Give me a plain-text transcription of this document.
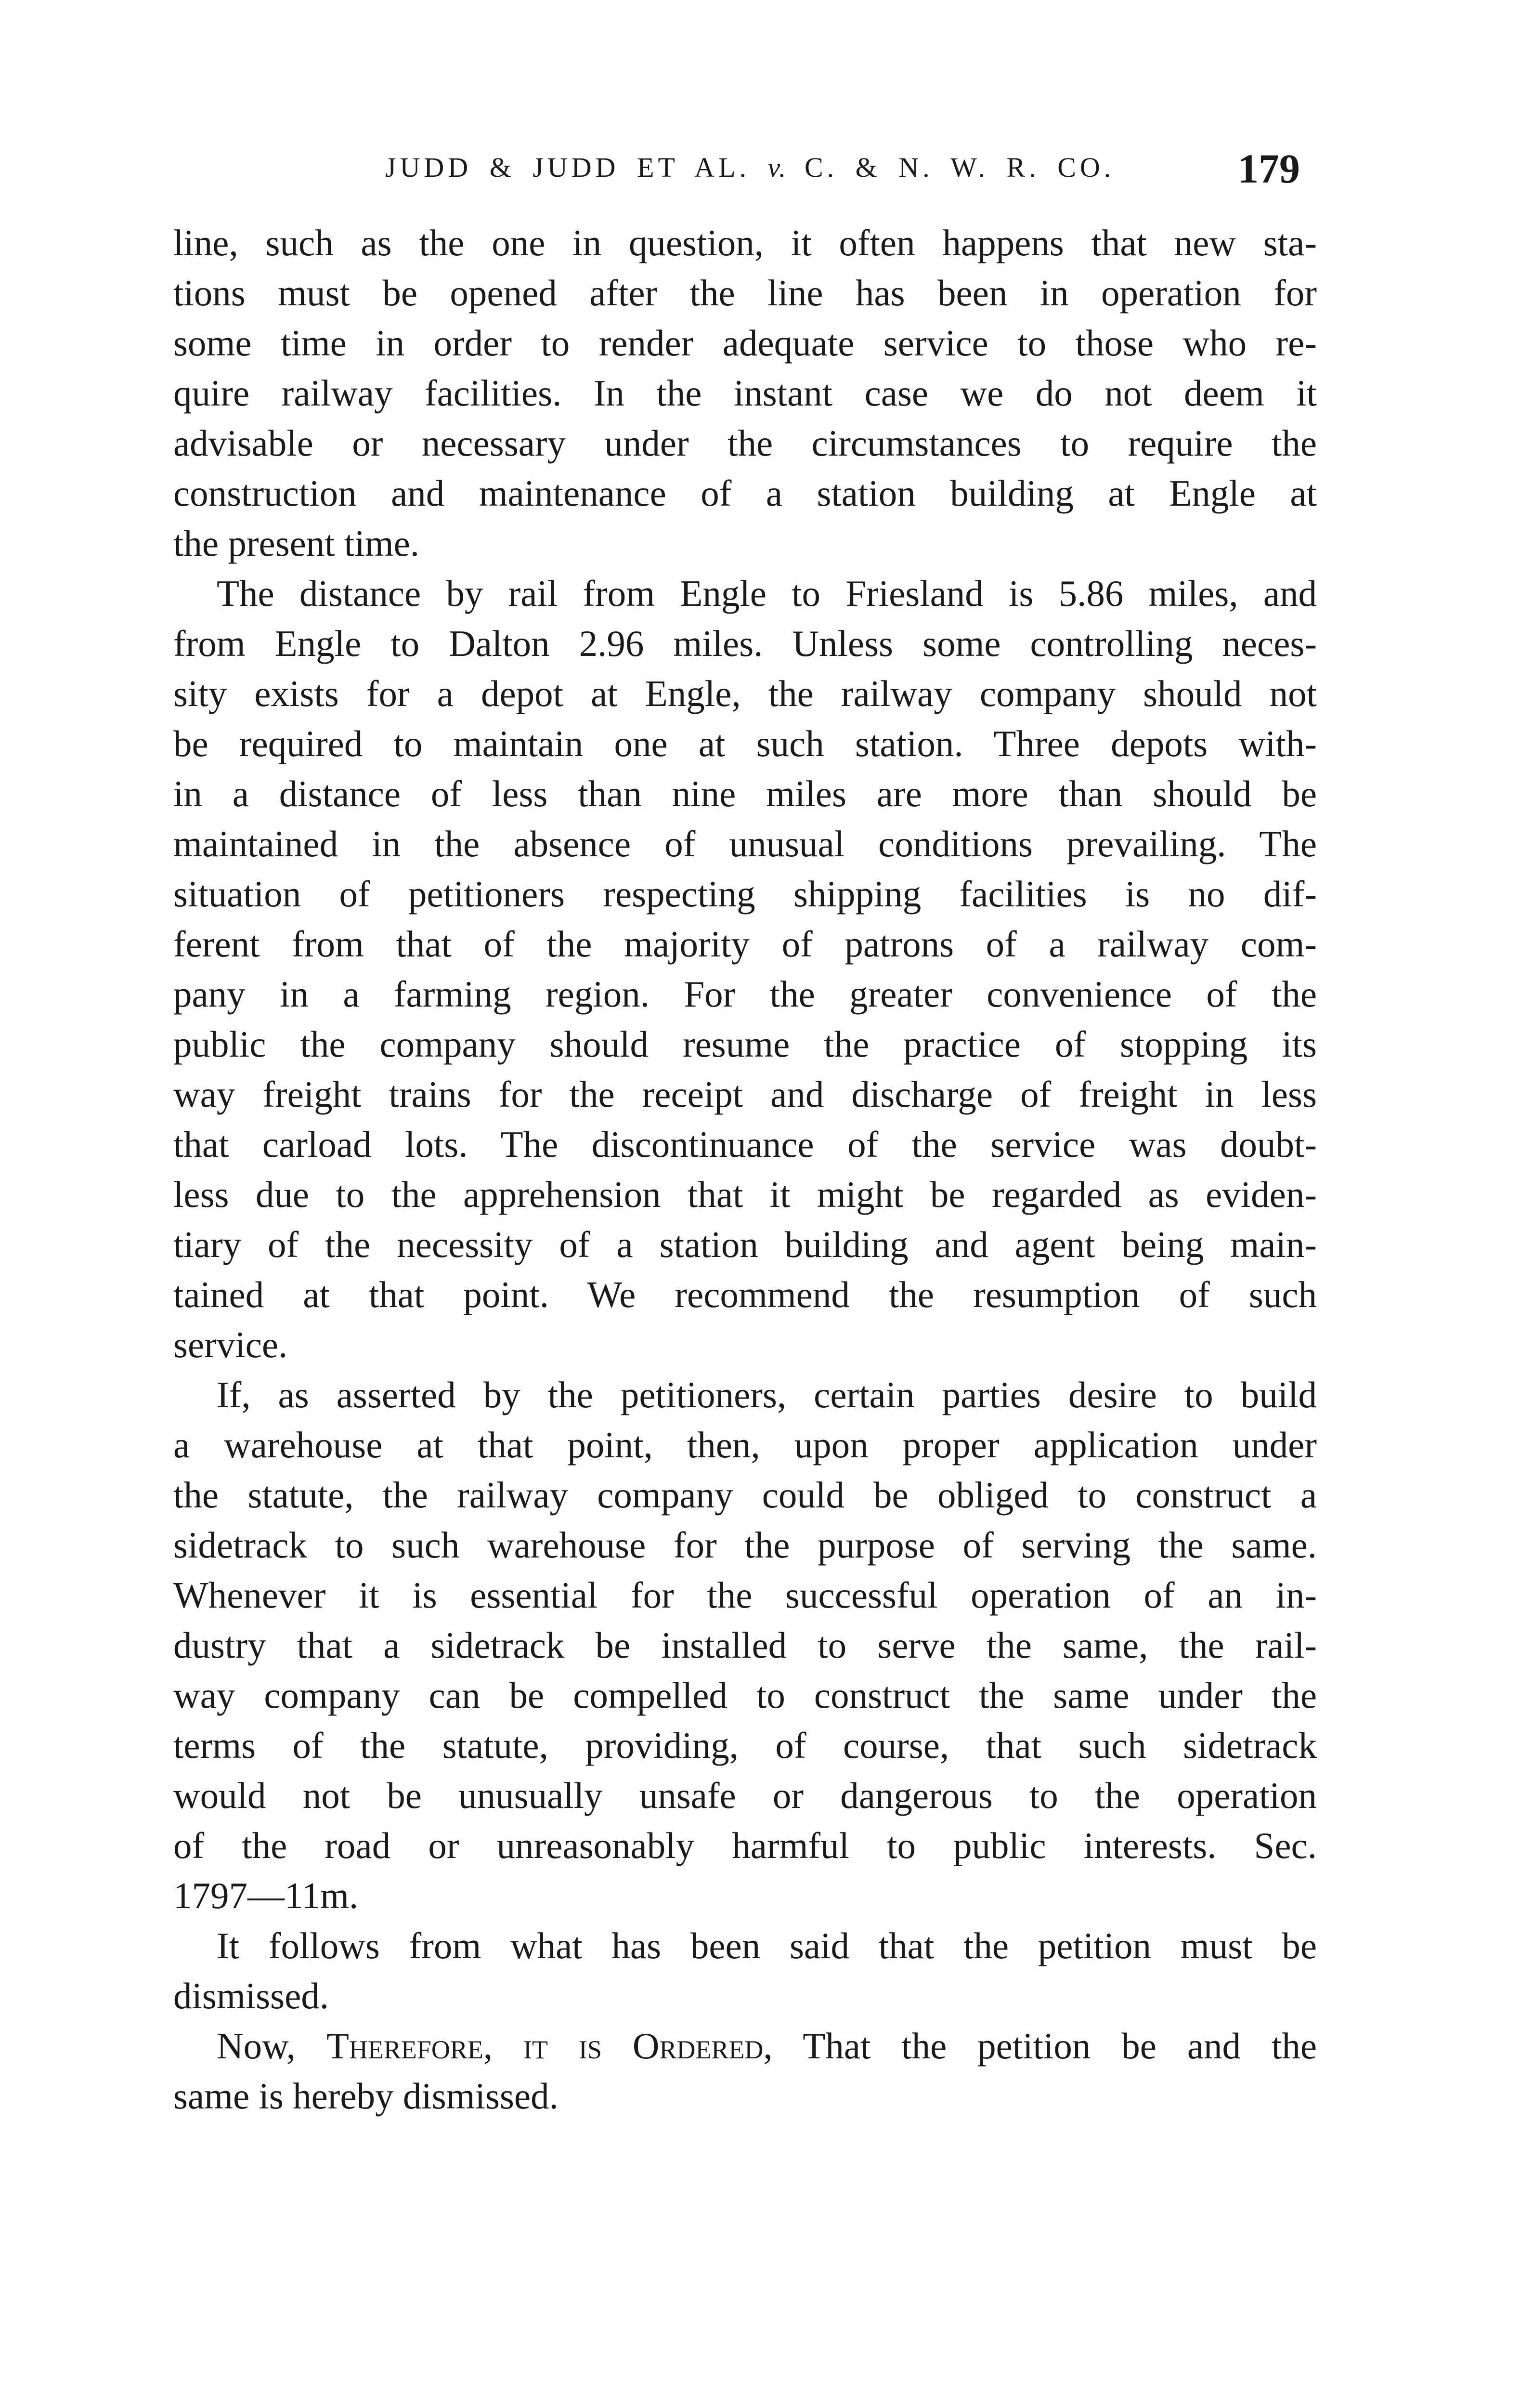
JUDD & JUDD ET AL. v. C. & N. W. R. CO.	179
line, such as the one in question, it often happens that new sta-
tions must be opened after the line has been in operation for
some time in order to render adequate service to those who re-
quire railway facilities. In the instant case we do not deem it
advisable or necessary under the circumstances to require the
construction and maintenance of a station building at Engle at
the present time.
The distance by rail from Engle to Friesland is 5.86 miles, and
from Engle to Dalton 2.96 miles. Unless some controlling neces-
sity exists for a depot at Engle, the railway company should not
be required to maintain one at such station. Three depots with-
in a distance of less than nine miles are more than should be
maintained in the absence of unusual conditions prevailing. The
situation of petitioners respecting shipping facilities is no dif-
ferent from that of the majority of patrons of a railway com-
pany in a farming region. For the greater convenience of the
public the company should resume the practice of stopping its
way freight trains for the receipt and discharge of freight in less
that carload lots. The discontinuance of the service was doubt-
less due to the apprehension that it might be regarded as eviden-
tiary of the necessity of a station building and agent being main-
tained at that point. We recommend the resumption of such
service.
If, as asserted by the petitioners, certain parties desire to build
a warehouse at that point, then, upon proper application under
the statute, the railway company could be obliged to construct a
sidetrack to such warehouse for the purpose of serving the same.
Whenever it is essential for the successful operation of an in-
dustry that a sidetrack be installed to serve the same, the rail-
way company can be compelled to construct the same under the
terms of the statute, providing, of course, that such sidetrack
would not be unusually unsafe or dangerous to the operation
of the road or unreasonably harmful to public interests. Sec.
1797—11m.
It follows from what has been said that the petition must be
dismissed.
Now, Therefore, it is Ordered, That the petition be and the
same is hereby dismissed.
